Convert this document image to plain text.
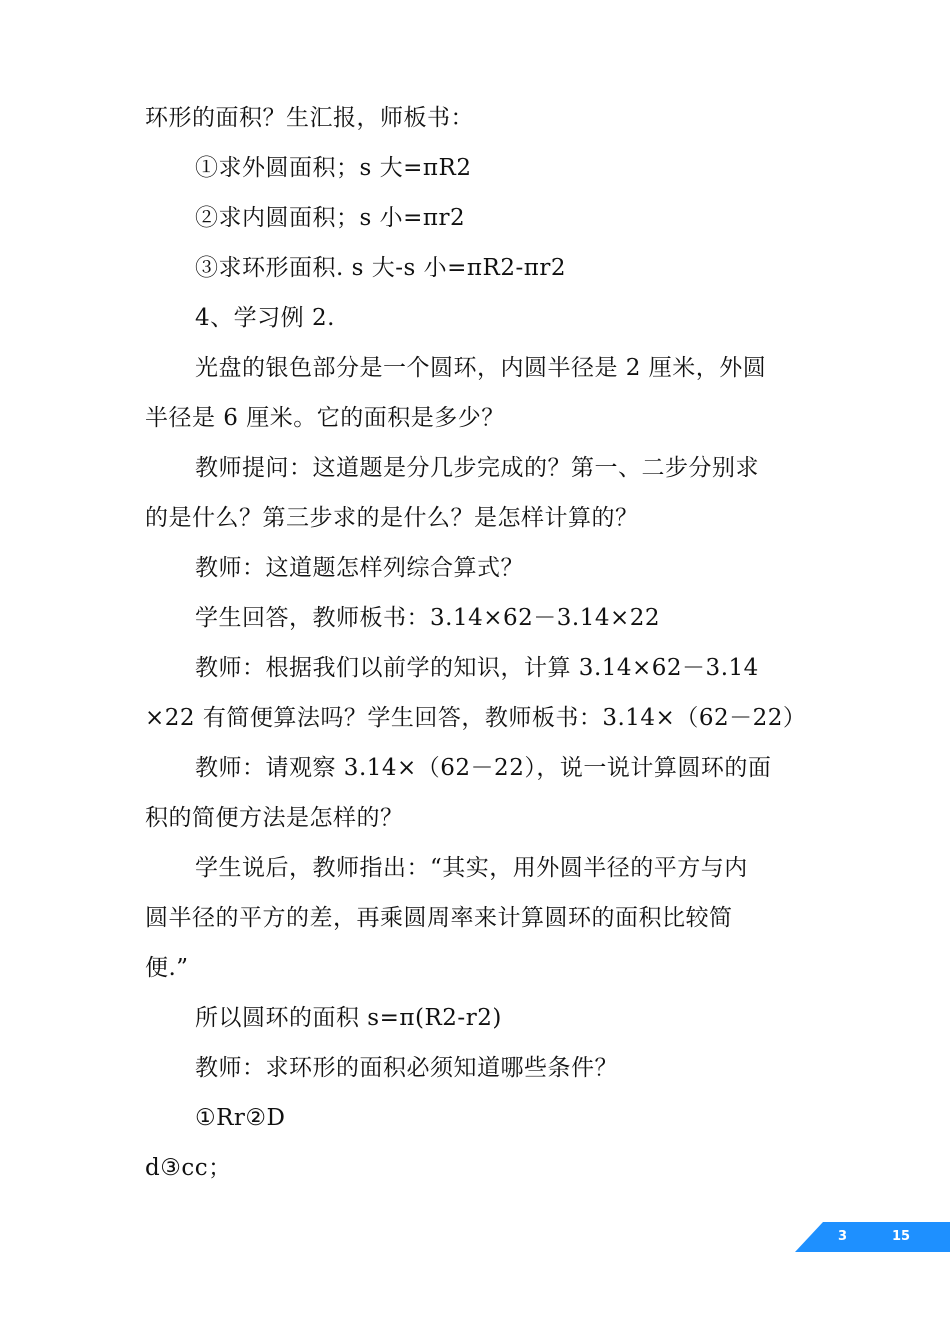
环形的面积？生汇报，师板书：
①求外圆面积；s 大=πR2
②求内圆面积；s 小=πr2
③求环形面积. s 大-s 小=πR2-πr2
4、学习例 2.
光盘的银色部分是一个圆环，内圆半径是 2 厘米，外圆
半径是 6 厘米。它的面积是多少？
教师提问：这道题是分几步完成的？第一、二步分别求
的是什么？第三步求的是什么？是怎样计算的？
教师：这道题怎样列综合算式？
学生回答，教师板书：3.14×62－3.14×22
教师：根据我们以前学的知识，计算 3.14×62－3.14
×22 有简便算法吗？学生回答，教师板书：3.14×（62－22）
教师：请观察 3.14×（62－22），说一说计算圆环的面
积的简便方法是怎样的？
学生说后，教师指出：“其实，用外圆半径的平方与内
圆半径的平方的差，再乘圆周率来计算圆环的面积比较简
便.”
所以圆环的面积 s=π(R2-r2)
教师：求环形的面积必须知道哪些条件？
①Rr②D
d③cc；
3	15
